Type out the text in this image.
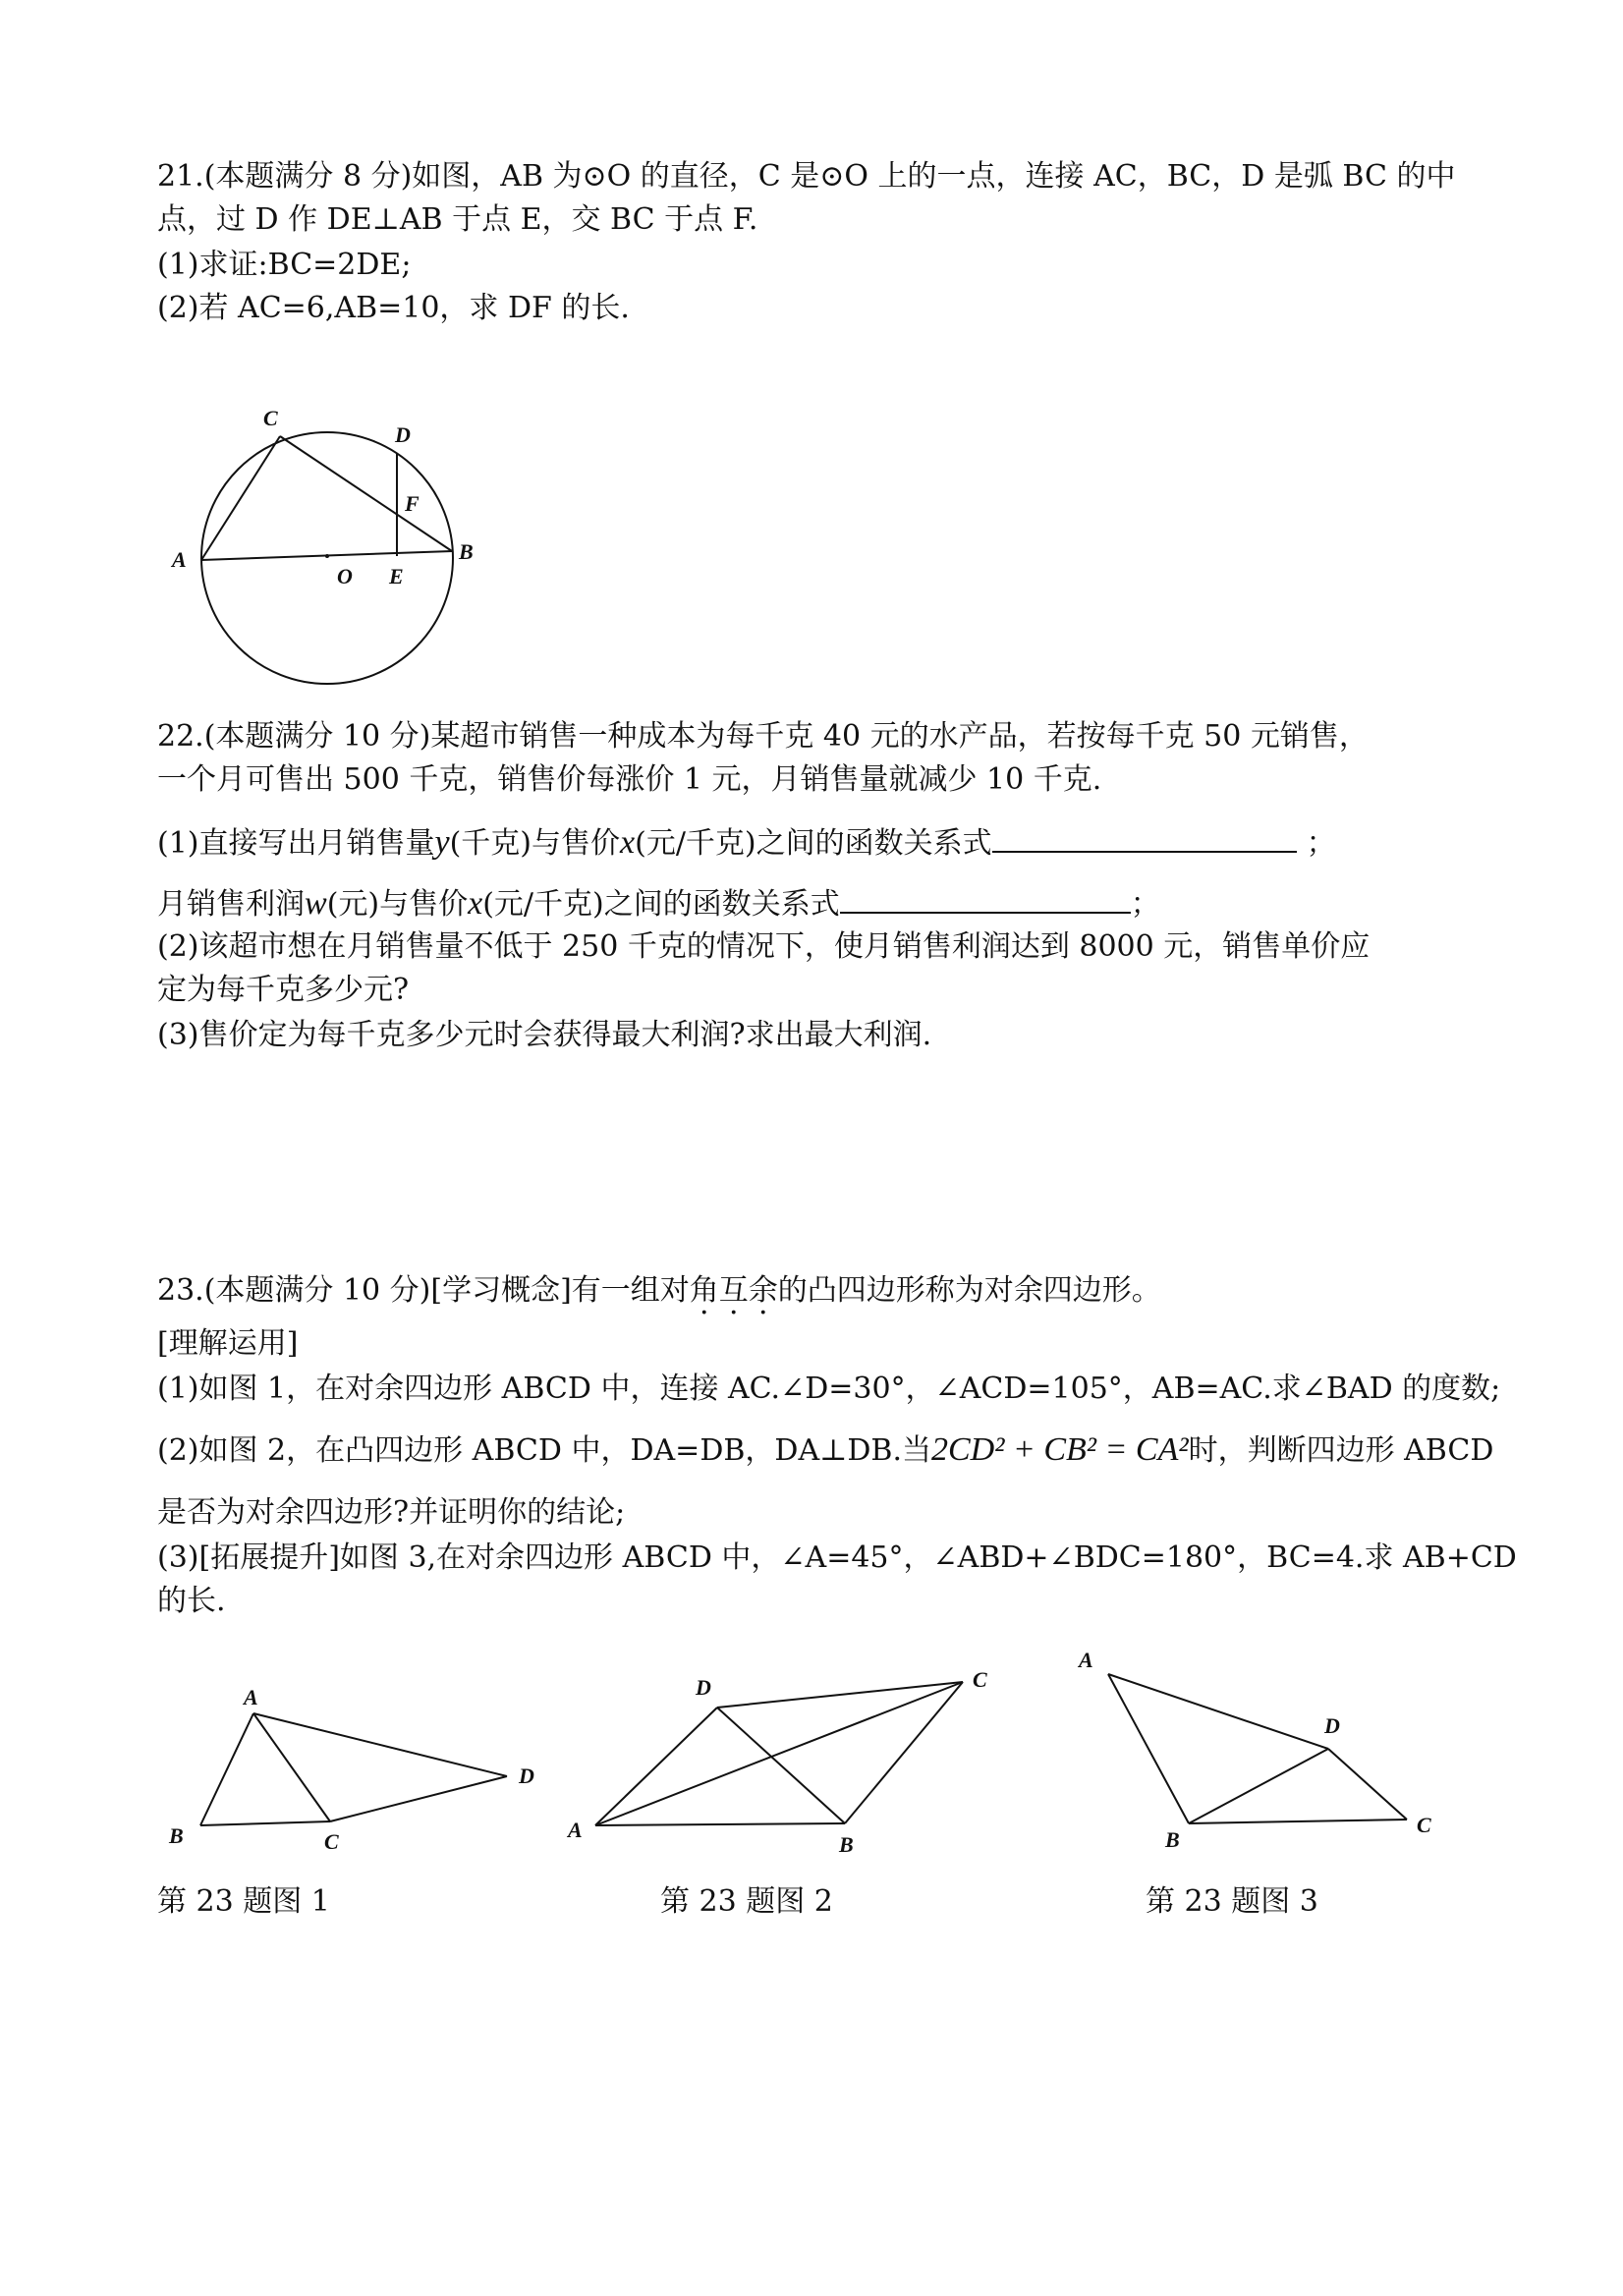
21.(本题满分 8 分)如图，AB 为⊙O 的直径，C 是⊙O 上的一点，连接 AC，BC，D 是弧 BC 的中
点，过 D 作 DE⊥AB 于点 E，交 BC 于点 F.
(1)求证:BC=2DE;
(2)若 AC=6,AB=10，求 DF 的长.
C
D
F
A
O E
B
22.(本题满分 10 分)某超市销售一种成本为每千克 40 元的水产品，若按每千克 50 元销售，
一个月可售出 500 千克，销售价每涨价 1 元，月销售量就减少 10 千克.
(1)直接写出月销售量y(千克)与售价x(元/千克)之间的函数关系式	；
月销售利润w(元)与售价x(元/千克)之间的函数关系式	；
(2)该超市想在月销售量不低于 250 千克的情况下，使月销售利润达到 8000 元，销售单价应
定为每千克多少元?
(3)售价定为每千克多少元时会获得最大利润?求出最大利润.
23.(本题满分 10 分)[学习概念]有一组对角互余的凸四边形称为对余四边形。
[理解运用]
(1)如图 1，在对余四边形 ABCD 中，连接 AC.∠D=30°，∠ACD=105°，AB=AC.求∠BAD 的度数;
(2)如图 2，在凸四边形 ABCD 中，DA=DB，DA⊥DB.当2CD² + CB² = CA²时，判断四边形 ABCD
是否为对余四边形?并证明你的结论;
(3)[拓展提升]如图 3,在对余四边形 ABCD 中，∠A=45°，∠ABD+∠BDC=180°，BC=4.求 AB+CD
的长.
A
B	C
D
第 23 题图 1
A
B
C
D
第 23 题图 2
A
B
C
D
第 23 题图 3
